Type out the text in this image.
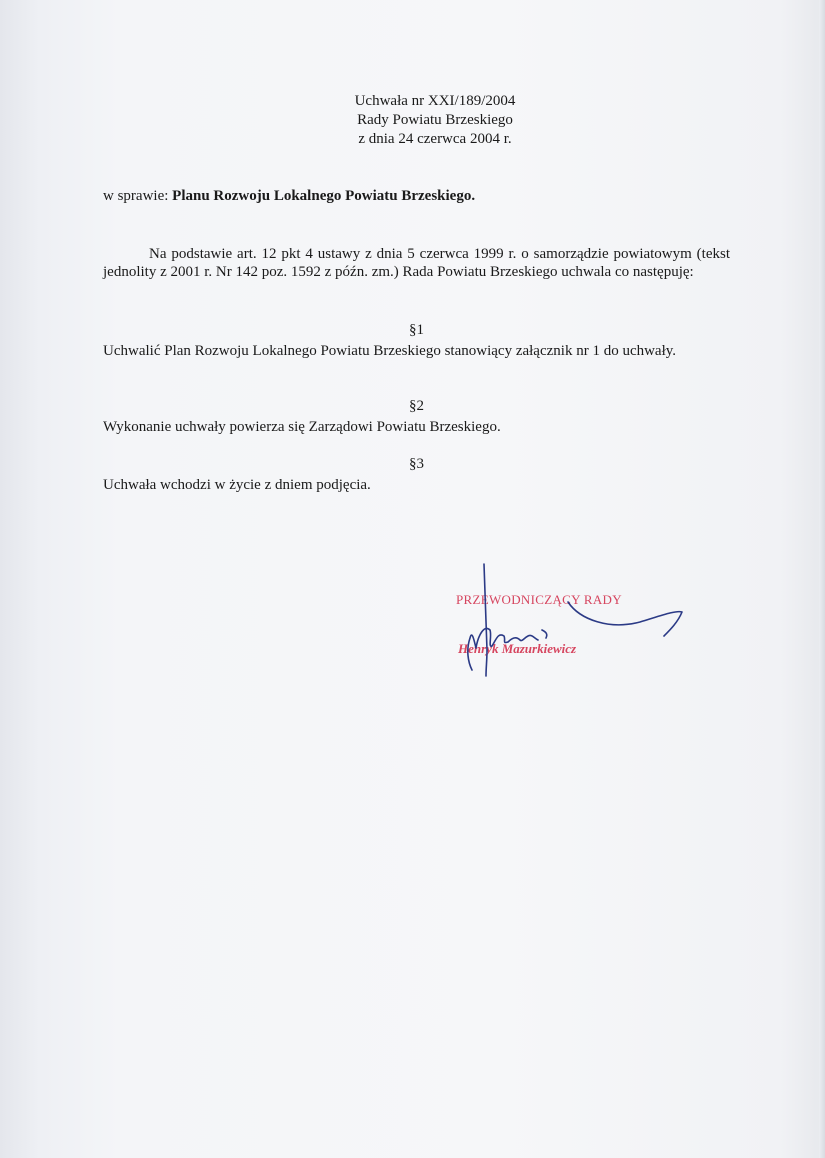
Uchwała nr XXI/189/2004
Rady Powiatu Brzeskiego
z dnia 24 czerwca 2004 r.
w sprawie: Planu Rozwoju Lokalnego Powiatu Brzeskiego.
Na podstawie art. 12 pkt 4 ustawy z dnia 5 czerwca 1999 r. o samorządzie powiatowym (tekst jednolity z 2001 r. Nr 142 poz. 1592 z późn. zm.) Rada Powiatu Brzeskiego uchwala co następuję:
§1
Uchwalić Plan Rozwoju Lokalnego Powiatu Brzeskiego stanowiący załącznik nr 1 do uchwały.
§2
Wykonanie uchwały powierza się Zarządowi Powiatu Brzeskiego.
§3
Uchwała wchodzi w życie z dniem podjęcia.
PRZEWODNICZĄCY RADY
Henryk Mazurkiewicz
